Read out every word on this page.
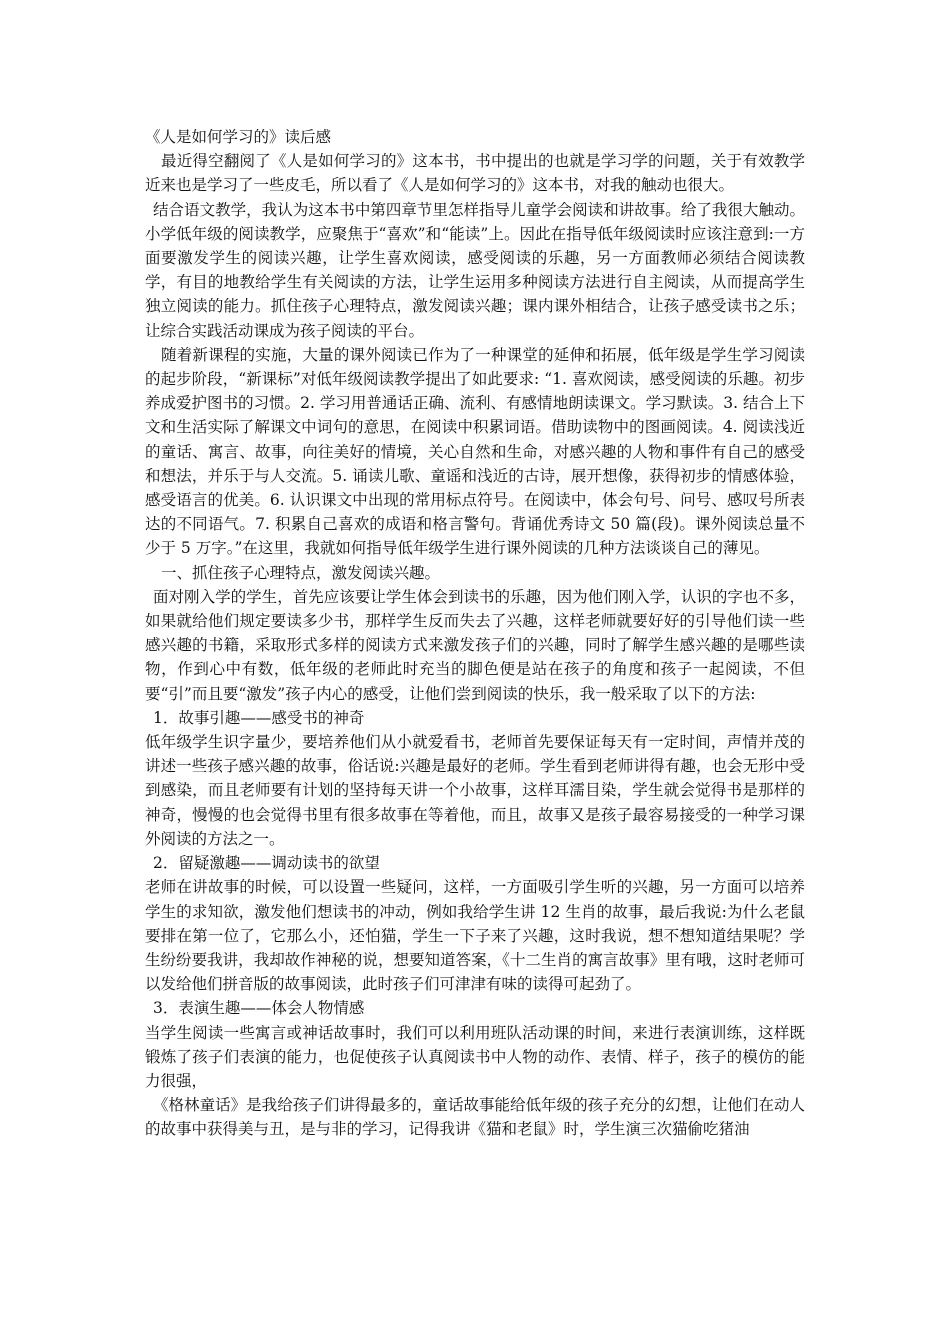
《人是如何学习的》读后感

最近得空翻阅了《人是如何学习的》这本书，书中提出的也就是学习学的问题，关于有效教学近来也是学习了一些皮毛，所以看了《人是如何学习的》这本书，对我的触动也很大。

结合语文教学，我认为这本书中第四章节里怎样指导儿童学会阅读和讲故事。给了我很大触动。小学低年级的阅读教学，应聚焦于“喜欢”和“能读”上。因此在指导低年级阅读时应该注意到:一方面要激发学生的阅读兴趣，让学生喜欢阅读，感受阅读的乐趣，另一方面教师必须结合阅读教学，有目的地教给学生有关阅读的方法，让学生运用多种阅读方法进行自主阅读，从而提高学生独立阅读的能力。抓住孩子心理特点，激发阅读兴趣；课内课外相结合，让孩子感受读书之乐；让综合实践活动课成为孩子阅读的平台。

随着新课程的实施，大量的课外阅读已作为了一种课堂的延伸和拓展，低年级是学生学习阅读的起步阶段，“新课标”对低年级阅读教学提出了如此要求: “1. 喜欢阅读，感受阅读的乐趣。初步养成爱护图书的习惯。2. 学习用普通话正确、流利、有感情地朗读课文。学习默读。3. 结合上下文和生活实际了解课文中词句的意思，在阅读中积累词语。借助读物中的图画阅读。4. 阅读浅近的童话、寓言、故事，向往美好的情境，关心自然和生命，对感兴趣的人物和事件有自己的感受和想法，并乐于与人交流。5. 诵读儿歌、童谣和浅近的古诗，展开想像，获得初步的情感体验，感受语言的优美。6. 认识课文中出现的常用标点符号。在阅读中，体会句号、问号、感叹号所表达的不同语气。7. 积累自己喜欢的成语和格言警句。背诵优秀诗文 50 篇(段)。课外阅读总量不少于 5 万字。”在这里，我就如何指导低年级学生进行课外阅读的几种方法谈谈自己的薄见。

一、抓住孩子心理特点，激发阅读兴趣。

面对刚入学的学生，首先应该要让学生体会到读书的乐趣，因为他们刚入学，认识的字也不多，如果就给他们规定要读多少书，那样学生反而失去了兴趣，这样老师就要好好的引导他们读一些感兴趣的书籍，采取形式多样的阅读方式来激发孩子们的兴趣，同时了解学生感兴趣的是哪些读物，作到心中有数，低年级的老师此时充当的脚色便是站在孩子的角度和孩子一起阅读，不但要“引”而且要“激发”孩子内心的感受，让他们尝到阅读的快乐，我一般采取了以下的方法:

1．故事引趣——感受书的神奇

低年级学生识字量少，要培养他们从小就爱看书，老师首先要保证每天有一定时间，声情并茂的讲述一些孩子感兴趣的故事，俗话说:兴趣是最好的老师。学生看到老师讲得有趣，也会无形中受到感染，而且老师要有计划的坚持每天讲一个小故事，这样耳濡目染，学生就会觉得书是那样的神奇，慢慢的也会觉得书里有很多故事在等着他，而且，故事又是孩子最容易接受的一种学习课外阅读的方法之一。

2．留疑激趣——调动读书的欲望

老师在讲故事的时候，可以设置一些疑问，这样，一方面吸引学生听的兴趣，另一方面可以培养学生的求知欲，激发他们想读书的冲动，例如我给学生讲 12 生肖的故事，最后我说:为什么老鼠要排在第一位了，它那么小，还怕猫，学生一下子来了兴趣，这时我说，想不想知道结果呢？学生纷纷要我讲，我却故作神秘的说，想要知道答案，《十二生肖的寓言故事》里有哦，这时老师可以发给他们拼音版的故事阅读，此时孩子们可津津有味的读得可起劲了。

3．表演生趣——体会人物情感

当学生阅读一些寓言或神话故事时，我们可以利用班队活动课的时间，来进行表演训练，这样既锻炼了孩子们表演的能力，也促使孩子认真阅读书中人物的动作、表情、样子，孩子的模仿的能力很强，

《格林童话》是我给孩子们讲得最多的，童话故事能给低年级的孩子充分的幻想，让他们在动人的故事中获得美与丑，是与非的学习，记得我讲《猫和老鼠》时，学生演三次猫偷吃猪油
